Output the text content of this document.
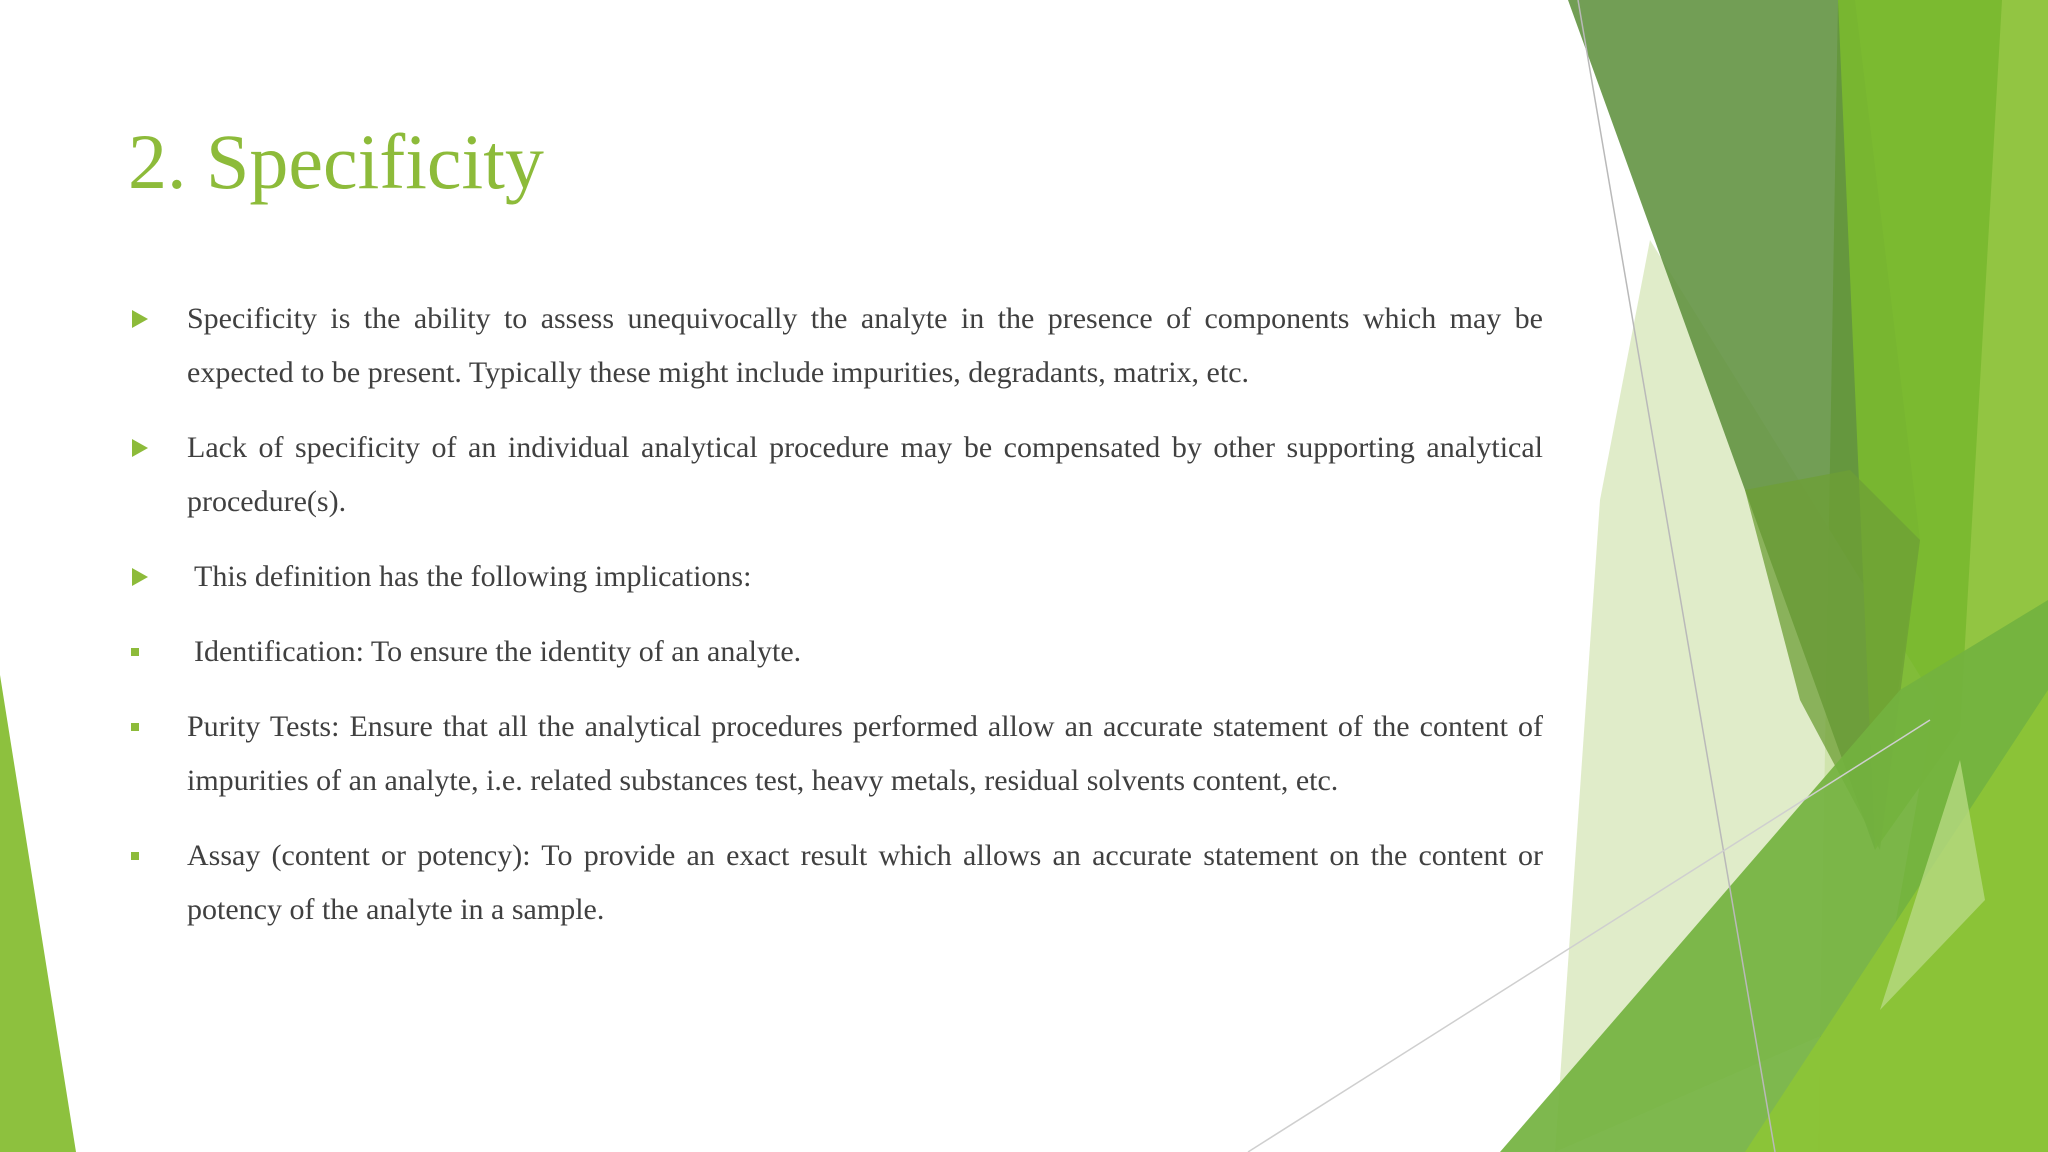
2. Specificity
Specificity is the ability to assess unequivocally the analyte in the presence of components which may be expected to be present. Typically these might include impurities, degradants, matrix, etc.
Lack of specificity of an individual analytical procedure may be compensated by other supporting analytical procedure(s).
This definition has the following implications:
Identification: To ensure the identity of an analyte.
Purity Tests: Ensure that all the analytical procedures performed allow an accurate statement of the content of impurities of an analyte, i.e. related substances test, heavy metals, residual solvents content, etc.
Assay (content or potency): To provide an exact result which allows an accurate statement on the content or potency of the analyte in a sample.
